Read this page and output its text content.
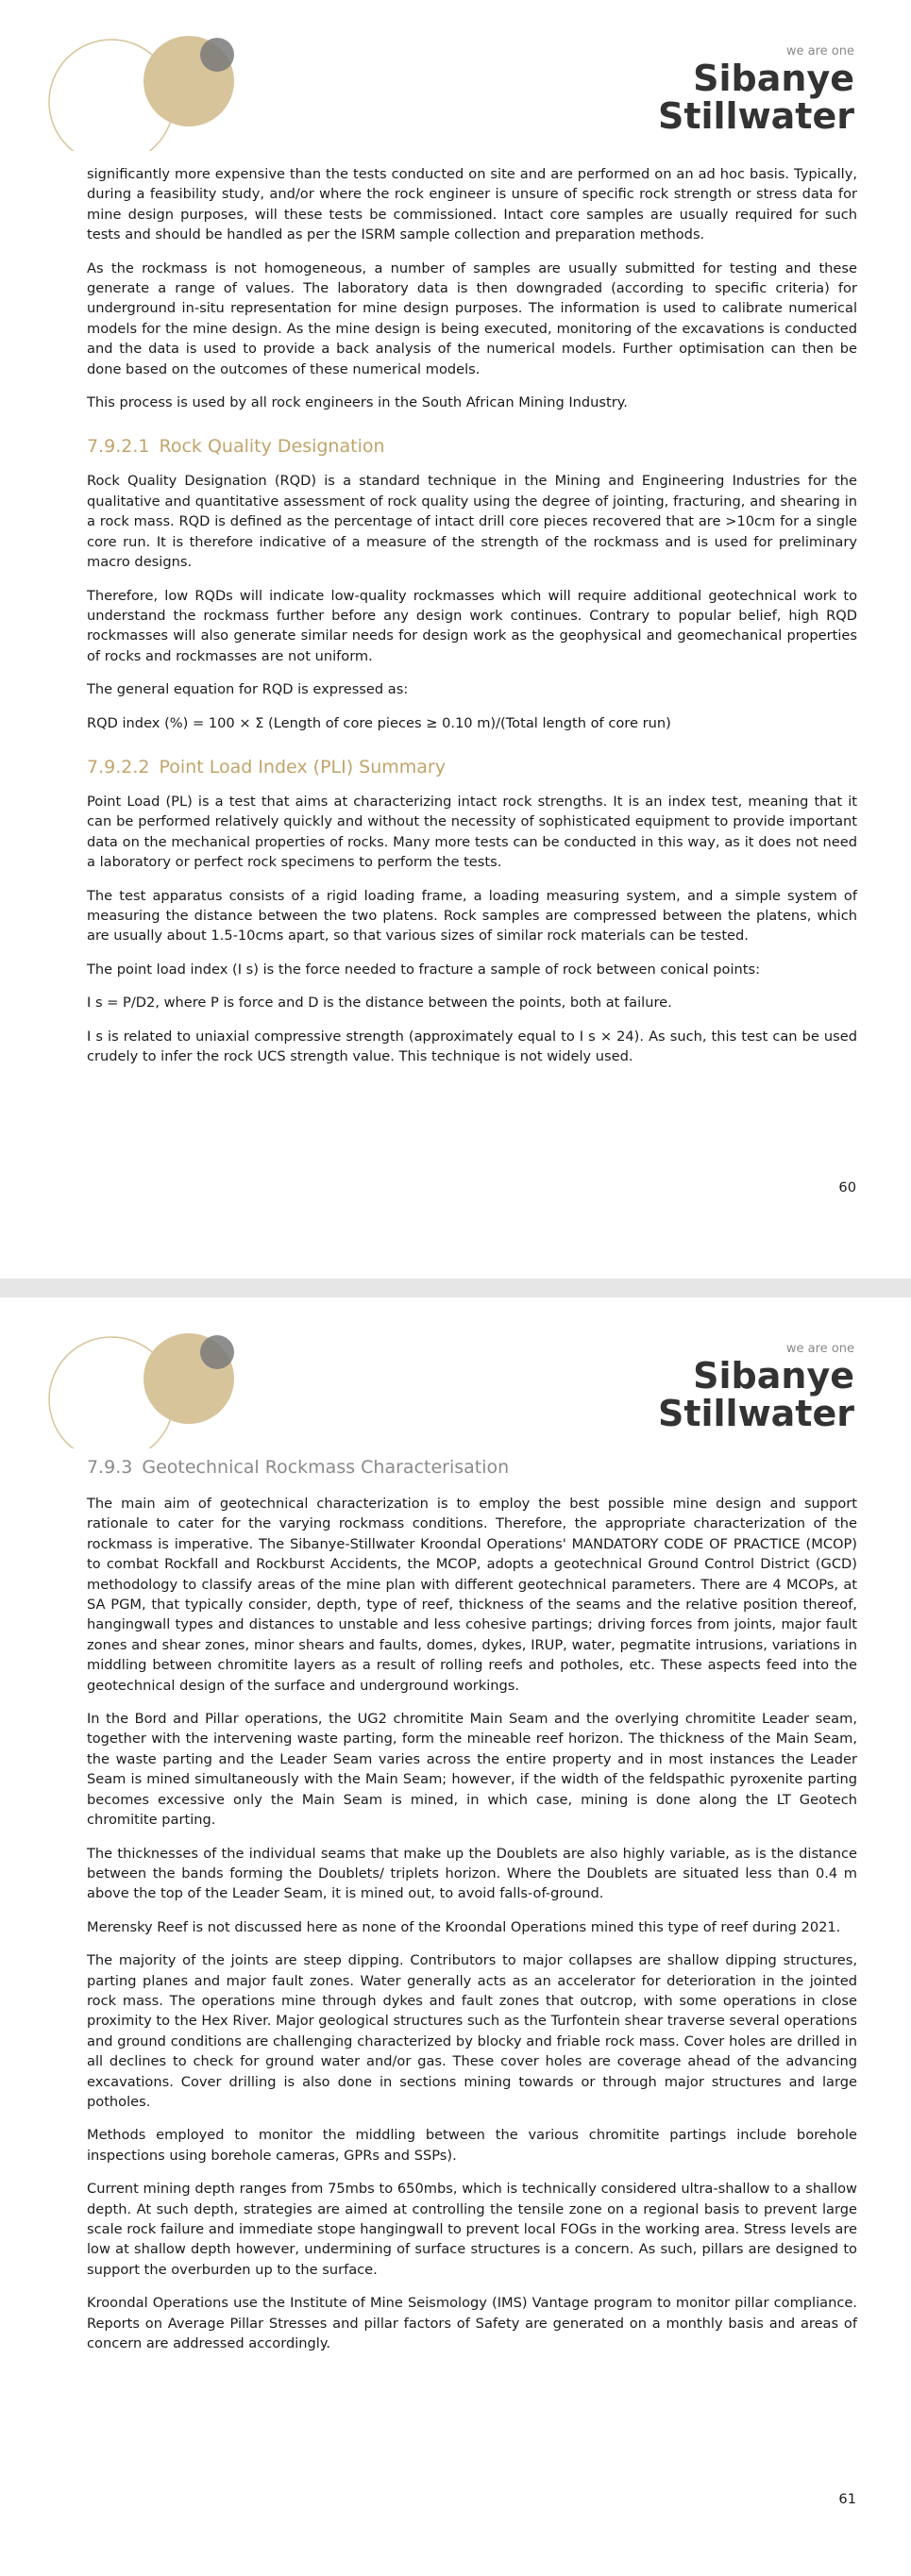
we are one
Sibanye
Stillwater

significantly more expensive than the tests conducted on site and are performed on an ad hoc basis. Typically, during a feasibility study, and/or where the rock engineer is unsure of specific rock strength or stress data for mine design purposes, will these tests be commissioned. Intact core samples are usually required for such tests and should be handled as per the ISRM sample collection and preparation methods.

As the rockmass is not homogeneous, a number of samples are usually submitted for testing and these generate a range of values. The laboratory data is then downgraded (according to specific criteria) for underground in-situ representation for mine design purposes. The information is used to calibrate numerical models for the mine design. As the mine design is being executed, monitoring of the excavations is conducted and the data is used to provide a back analysis of the numerical models. Further optimisation can then be done based on the outcomes of these numerical models.

This process is used by all rock engineers in the South African Mining Industry.

7.9.2.1 Rock Quality Designation

Rock Quality Designation (RQD) is a standard technique in the Mining and Engineering Industries for the qualitative and quantitative assessment of rock quality using the degree of jointing, fracturing, and shearing in a rock mass. RQD is defined as the percentage of intact drill core pieces recovered that are >10cm for a single core run. It is therefore indicative of a measure of the strength of the rockmass and is used for preliminary macro designs.

Therefore, low RQDs will indicate low-quality rockmasses which will require additional geotechnical work to understand the rockmass further before any design work continues. Contrary to popular belief, high RQD rockmasses will also generate similar needs for design work as the geophysical and geomechanical properties of rocks and rockmasses are not uniform.

The general equation for RQD is expressed as:

RQD index (%) = 100 × Σ (Length of core pieces ≥ 0.10 m)/(Total length of core run)

7.9.2.2 Point Load Index (PLI) Summary

Point Load (PL) is a test that aims at characterizing intact rock strengths. It is an index test, meaning that it can be performed relatively quickly and without the necessity of sophisticated equipment to provide important data on the mechanical properties of rocks. Many more tests can be conducted in this way, as it does not need a laboratory or perfect rock specimens to perform the tests.

The test apparatus consists of a rigid loading frame, a loading measuring system, and a simple system of measuring the distance between the two platens. Rock samples are compressed between the platens, which are usually about 1.5-10cms apart, so that various sizes of similar rock materials can be tested.

The point load index (I s) is the force needed to fracture a sample of rock between conical points:

I s = P/D2, where P is force and D is the distance between the points, both at failure.

I s is related to uniaxial compressive strength (approximately equal to I s × 24). As such, this test can be used crudely to infer the rock UCS strength value. This technique is not widely used.

60
we are one
Sibanye
Stillwater
7.9.3 Geotechnical Rockmass Characterisation

The main aim of geotechnical characterization is to employ the best possible mine design and support rationale to cater for the varying rockmass conditions. Therefore, the appropriate characterization of the rockmass is imperative. The Sibanye-Stillwater Kroondal Operations' MANDATORY CODE OF PRACTICE (MCOP) to combat Rockfall and Rockburst Accidents, the MCOP, adopts a geotechnical Ground Control District (GCD) methodology to classify areas of the mine plan with different geotechnical parameters. There are 4 MCOPs, at SA PGM, that typically consider, depth, type of reef, thickness of the seams and the relative position thereof, hangingwall types and distances to unstable and less cohesive partings; driving forces from joints, major fault zones and shear zones, minor shears and faults, domes, dykes, IRUP, water, pegmatite intrusions, variations in middling between chromitite layers as a result of rolling reefs and potholes, etc. These aspects feed into the geotechnical design of the surface and underground workings.

In the Bord and Pillar operations, the UG2 chromitite Main Seam and the overlying chromitite Leader seam, together with the intervening waste parting, form the mineable reef horizon. The thickness of the Main Seam, the waste parting and the Leader Seam varies across the entire property and in most instances the Leader Seam is mined simultaneously with the Main Seam; however, if the width of the feldspathic pyroxenite parting becomes excessive only the Main Seam is mined, in which case, mining is done along the LT Geotech chromitite parting.

The thicknesses of the individual seams that make up the Doublets are also highly variable, as is the distance between the bands forming the Doublets/ triplets horizon. Where the Doublets are situated less than 0.4 m above the top of the Leader Seam, it is mined out, to avoid falls-of-ground.

Merensky Reef is not discussed here as none of the Kroondal Operations mined this type of reef during 2021.

The majority of the joints are steep dipping. Contributors to major collapses are shallow dipping structures, parting planes and major fault zones. Water generally acts as an accelerator for deterioration in the jointed rock mass. The operations mine through dykes and fault zones that outcrop, with some operations in close proximity to the Hex River. Major geological structures such as the Turfontein shear traverse several operations and ground conditions are challenging characterized by blocky and friable rock mass. Cover holes are drilled in all declines to check for ground water and/or gas. These cover holes are coverage ahead of the advancing excavations. Cover drilling is also done in sections mining towards or through major structures and large potholes.

Methods employed to monitor the middling between the various chromitite partings include borehole inspections using borehole cameras, GPRs and SSPs).

Current mining depth ranges from 75mbs to 650mbs, which is technically considered ultra-shallow to a shallow depth. At such depth, strategies are aimed at controlling the tensile zone on a regional basis to prevent large scale rock failure and immediate stope hangingwall to prevent local FOGs in the working area. Stress levels are low at shallow depth however, undermining of surface structures is a concern. As such, pillars are designed to support the overburden up to the surface.

Kroondal Operations use the Institute of Mine Seismology (IMS) Vantage program to monitor pillar compliance. Reports on Average Pillar Stresses and pillar factors of Safety are generated on a monthly basis and areas of concern are addressed accordingly.

61
